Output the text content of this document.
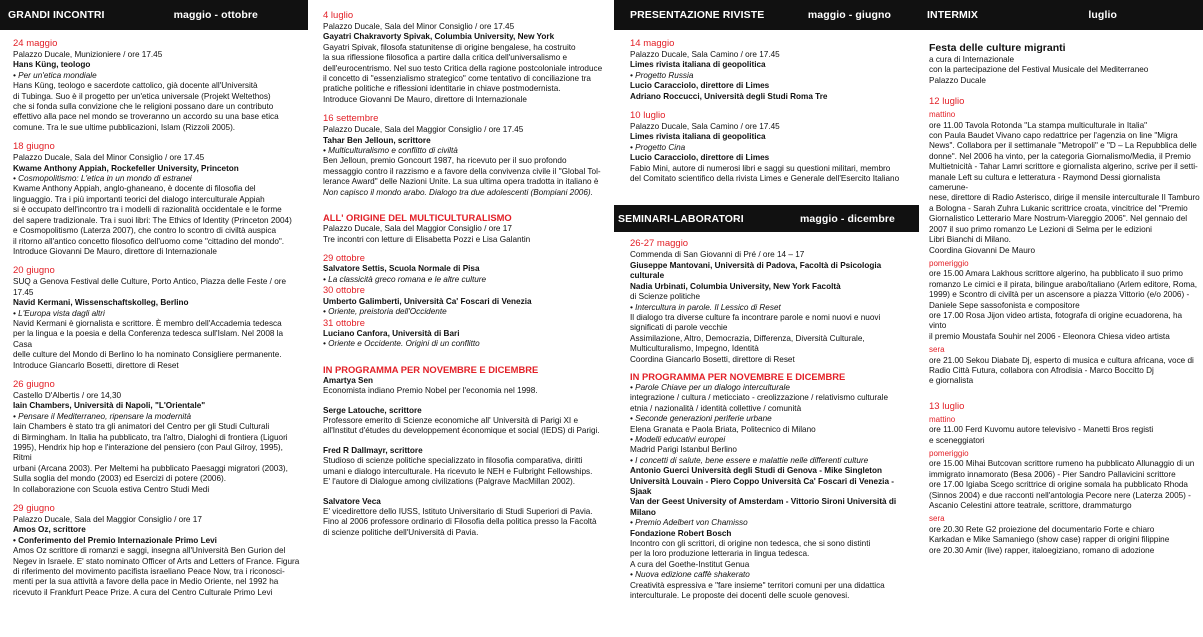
GRANDI INCONTRI	maggio - ottobre
24 maggio
Palazzo Ducale, Munizioniere / ore 17.45
Hans Küng, teologo
• Per un'etica mondiale
Hans Küng, teologo e sacerdote cattolico, già docente all'Università
di Tubinga. Suo è il progetto per un'etica universale (Projekt Weltethos)
che si fonda sulla convizione che le religioni possano dare un contributo
effettivo alla pace nel mondo se troveranno un accordo su una base etica
comune. Tra le sue ultime pubblicazioni, Islam (Rizzoli 2005).
18 giugno
Palazzo Ducale, Sala del Minor Consiglio / ore 17.45
Kwame Anthony Appiah, Rockefeller University, Princeton
• Cosmopolitismo: L'etica in un mondo di estranei
Kwame Anthony Appiah, anglo-ghaneano, è docente di filosofia del
linguaggio. Tra i più importanti teorici del dialogo interculturale Appiah
si è occupato dell'incontro tra i modelli di razionalità occidentale e le forme
del sapere tradizionale. Tra i suoi libri: The Ethics of Identity (Princeton 2004)
e Cosmopolitismo (Laterza 2007), che contro lo scontro di civiltà auspica
il ritorno all'antico concetto filosofico dell'uomo come "cittadino del mondo".
Introduce Giovanni De Mauro, direttore di Internazionale
20 giugno
SUQ a Genova Festival delle Culture, Porto Antico, Piazza delle Feste / ore 17.45
Navid Kermani, Wissenschaftskolleg, Berlino
• L'Europa vista dagli altri
Navid Kermani è giornalista e scrittore. È membro dell'Accademia tedesca
per la lingua e la poesia e della Conferenza tedesca sull'Islam. Nel 2008 la Casa
delle culture del Mondo di Berlino lo ha nominato Consigliere permanente.
Introduce Giancarlo Bosetti, direttore di Reset
26 giugno
Castello D'Albertis / ore 14,30
Iain Chambers, Università di Napoli, "L'Orientale"
• Pensare il Mediterraneo, ripensare la modernità
Iain Chambers è stato tra gli animatori del Centro per gli Studi Culturali
di Birmingham. In Italia ha pubblicato, tra l'altro, Dialoghi di frontiera (Liguori
1995), Hendrix hip hop e l'interazione del pensiero (con Paul Gilroy, 1995), Ritmi
urbani (Arcana 2003). Per Meltemi ha pubblicato Paesaggi migratori (2003),
Sulla soglia del mondo (2003) ed Esercizi di potere (2006).
In collaborazione con Scuola estiva Centro Studi Medi
29 giugno
Palazzo Ducale, Sala del Maggior Consiglio / ore 17
Amos Oz, scrittore
• Conferimento del Premio Internazionale Primo Levi
Amos Oz scrittore di romanzi e saggi, insegna all'Università Ben Gurion del
Negev in Israele. E' stato nominato Officer of Arts and Letters of France. Figura
di riferimento del movimento pacifista israeliano Peace Now, tra i riconosci-
menti per la sua attività a favore della pace in Medio Oriente, nel 1992 ha
ricevuto il Frankfurt Peace Prize. A cura del Centro Culturale Primo Levi
4 luglio
Palazzo Ducale, Sala del Minor Consiglio / ore 17.45
Gayatri Chakravorty Spivak, Columbia University, New York
Gayatri Spivak, filosofa statunitense di origine bengalese, ha costruito
la sua riflessione filosofica a partire dalla critica dell'universalismo e
dell'eurocentrismo. Nel suo testo Critica della ragione postcoloniale introduce
il concetto di "essenzialismo strategico" come tentativo di conciliazione tra
pratiche politiche e riflessioni identitarie in chiave postmodernista.
Introduce Giovanni De Mauro, direttore di Internazionale
16 settembre
Palazzo Ducale, Sala del Maggior Consiglio / ore 17.45
Tahar Ben Jelloun, scrittore
• Multiculturalismo e conflitto di civiltà
Ben Jelloun, premio Goncourt 1987, ha ricevuto per il suo profondo
messaggio contro il razzismo e a favore della convivenza civile il "Global Tol-
lerance Award" delle Nazioni Unite. La sua ultima opera tradotta in italiano è
Non capisco il mondo arabo. Dialogo tra due adolescenti (Bompiani 2006).
ALL' ORIGINE DEL MULTICULTURALISMO
Palazzo Ducale, Sala del Maggior Consiglio / ore 17
Tre incontri con letture di Elisabetta Pozzi e Lisa Galantin
29 ottobre
Salvatore Settis, Scuola Normale di Pisa
• La classicità greco romana e le altre culture
30 ottobre
Umberto Galimberti, Università Ca' Foscari di Venezia
• Oriente, preistoria dell'Occidente
31 ottobre
Luciano Canfora, Università di Bari
• Oriente e Occidente. Origini di un conflitto
IN PROGRAMMA PER NOVEMBRE E DICEMBRE
Amartya Sen
Economista indiano Premio Nobel per l'economia nel 1998.
Serge Latouche, scrittore
Professore emerito di Scienze economiche all' Università di Parigi XI e
all'Institut d'études du developpement économique et social (IEDS) di Parigi.
Fred R Dallmayr, scrittore
Studioso di scienze politiche specializzato in filosofia comparativa, diritti
umani e dialogo interculturale. Ha ricevuto le NEH e Fulbright Fellowships.
E' l'autore di Dialogue among civilizations (Palgrave MacMillan 2002).
Salvatore Veca
E' vicedirettore dello IUSS, Istituto Universitario di Studi Superiori di Pavia.
Fino al 2006 professore ordinario di Filosofia della politica presso la Facoltà
di scienze politiche dell'Università di Pavia.
PRESENTAZIONE RIVISTE	maggio - giugno
14 maggio
Palazzo Ducale, Sala Camino / ore 17.45
Limes rivista italiana di geopolitica
• Progetto Russia
Lucio Caracciolo, direttore di Limes
Adriano Roccucci, Università degli Studi Roma Tre
10 luglio
Palazzo Ducale, Sala Camino / ore 17.45
Limes rivista italiana di geopolitica
• Progetto Cina
Lucio Caracciolo, direttore di Limes
Fabio Mini, autore di numerosi libri e saggi su questioni militari, membro
del Comitato scientifico della rivista Limes e Generale dell'Esercito Italiano
SEMINARI-LABORATORI	maggio - dicembre
26-27 maggio
Commenda di San Giovanni di Pré / ore 14 – 17
Giuseppe Mantovani, Università di Padova, Facoltà di Psicologia culturale
Nadia Urbinati, Columbia University, New York Facoltà
di Scienze politiche
• Intercultura in parole. Il Lessico di Reset
Il dialogo tra diverse culture fa incontrare parole e nomi nuovi e nuovi
significati di parole vecchie
Assimilazione, Altro, Democrazia, Differenza, Diversità Culturale,
Multiculturalismo, Impegno, Identità
Coordina Giancarlo Bosetti, direttore di Reset
IN PROGRAMMA PER NOVEMBRE E DICEMBRE
• Parole Chiave per un dialogo interculturale
integrazione / cultura / meticciato - creolizzazione / relativismo culturale
etnia / nazionalità / identità collettive / comunità
• Seconde generazioni periferie urbane
Elena Granata e Paola Briata, Politecnico di Milano
• Modelli educativi europei
Madrid Parigi Istanbul Berlino
• I concetti di salute, bene essere e malattie nelle differenti culture
Antonio Guerci Università degli Studi di Genova - Mike Singleton
Università Louvain - Piero Coppo Università Ca' Foscari di Venezia - Sjaak
Van der Geest University of Amsterdam - Vittorio Sironi Università di Milano
• Premio Adelbert von Chamisso
Fondazione Robert Bosch
Incontro con gli scrittori, di origine non tedesca, che si sono distinti
per la loro produzione letteraria in lingua tedesca.
A cura del Goethe-Institut Genua
• Nuova edizione caffè shakerato
Creatività espressiva e "fare insieme" territori comuni per una didattica
interculturale. Le proposte dei docenti delle scuole genovesi.
INTERMIX	luglio
Festa delle culture migranti
a cura di Internazionale
con la partecipazione del Festival Musicale del Mediterraneo
Palazzo Ducale
12 luglio
mattino
ore 11.00 Tavola Rotonda "La stampa multiculturale in Italia"
con Paula Baudet Vivano capo redattrice per l'agenzia on line "Migra
News". Collabora per il settimanale "Metropoli" e "D – La Repubblica delle
donne". Nel 2006 ha vinto, per la categoria Giornalismo/Media, il Premio
Multietnicità - Tahar Lamri scrittore e giornalista algerino, scrive per il setti-
manale Left su cultura e letteratura - Raymond Dessi giornalista camerune-
nese, direttore di Radio Asterisco, dirige il mensile interculturale Il Tamburo
a Bologna - Sarah Zuhra Lukanic scrittrice croata, vincitrice del "Premio
Giornalistico Letterario Mare Nostrum-Viareggio 2006". Nel gennaio del
2007 il suo primo romanzo Le Lezioni di Selma per le edizioni
Libri Bianchi di Milano.
Coordina Giovanni De Mauro
pomeriggio
ore 15.00 Amara Lakhous scrittore algerino, ha pubblicato il suo primo
romanzo Le cimici e il pirata, bilingue arabo/italiano (Arlem editore, Roma,
1999) e Scontro di civiltà per un ascensore a piazza Vittorio (e/o 2006) -
Daniele Sepe sassofonista e compositore
ore 17.00 Rosa Jijon video artista, fotografa di origine ecuadorena, ha vinto
il premio Moustafa Souhir nel 2006 - Eleonora Chiesa video artista
sera
ore 21.00 Sekou Diabate Dj, esperto di musica e cultura africana, voce di
Radio Città Futura, collabora con Afrodisia - Marco Boccitto Dj
e giornalista
13 luglio
mattino
ore 11.00 Ferd Kuvomu autore televisivo - Manetti Bros registi
e sceneggiatori
pomeriggio
ore 15.00 Mihai Butcovan scrittore rumeno ha pubblicato Allunaggio di un
immigrato innamorato (Besa 2006) - Pier Sandro Pallavicini scrittore
ore 17.00 Igiaba Scego scrittrice di origine somala ha pubblicato Rhoda
(Sinnos 2004) e due racconti nell'antologia Pecore nere (Laterza 2005) -
Ascanio Celestini attore teatrale, scrittore, drammaturgo
sera
ore 20.30 Rete G2 proiezione del documentario Forte e chiaro
Karkadan e Mike Samaniego (show case) rapper di origini filippine
ore 20.30 Amir (live) rapper, italoegiziano, romano di adozione
